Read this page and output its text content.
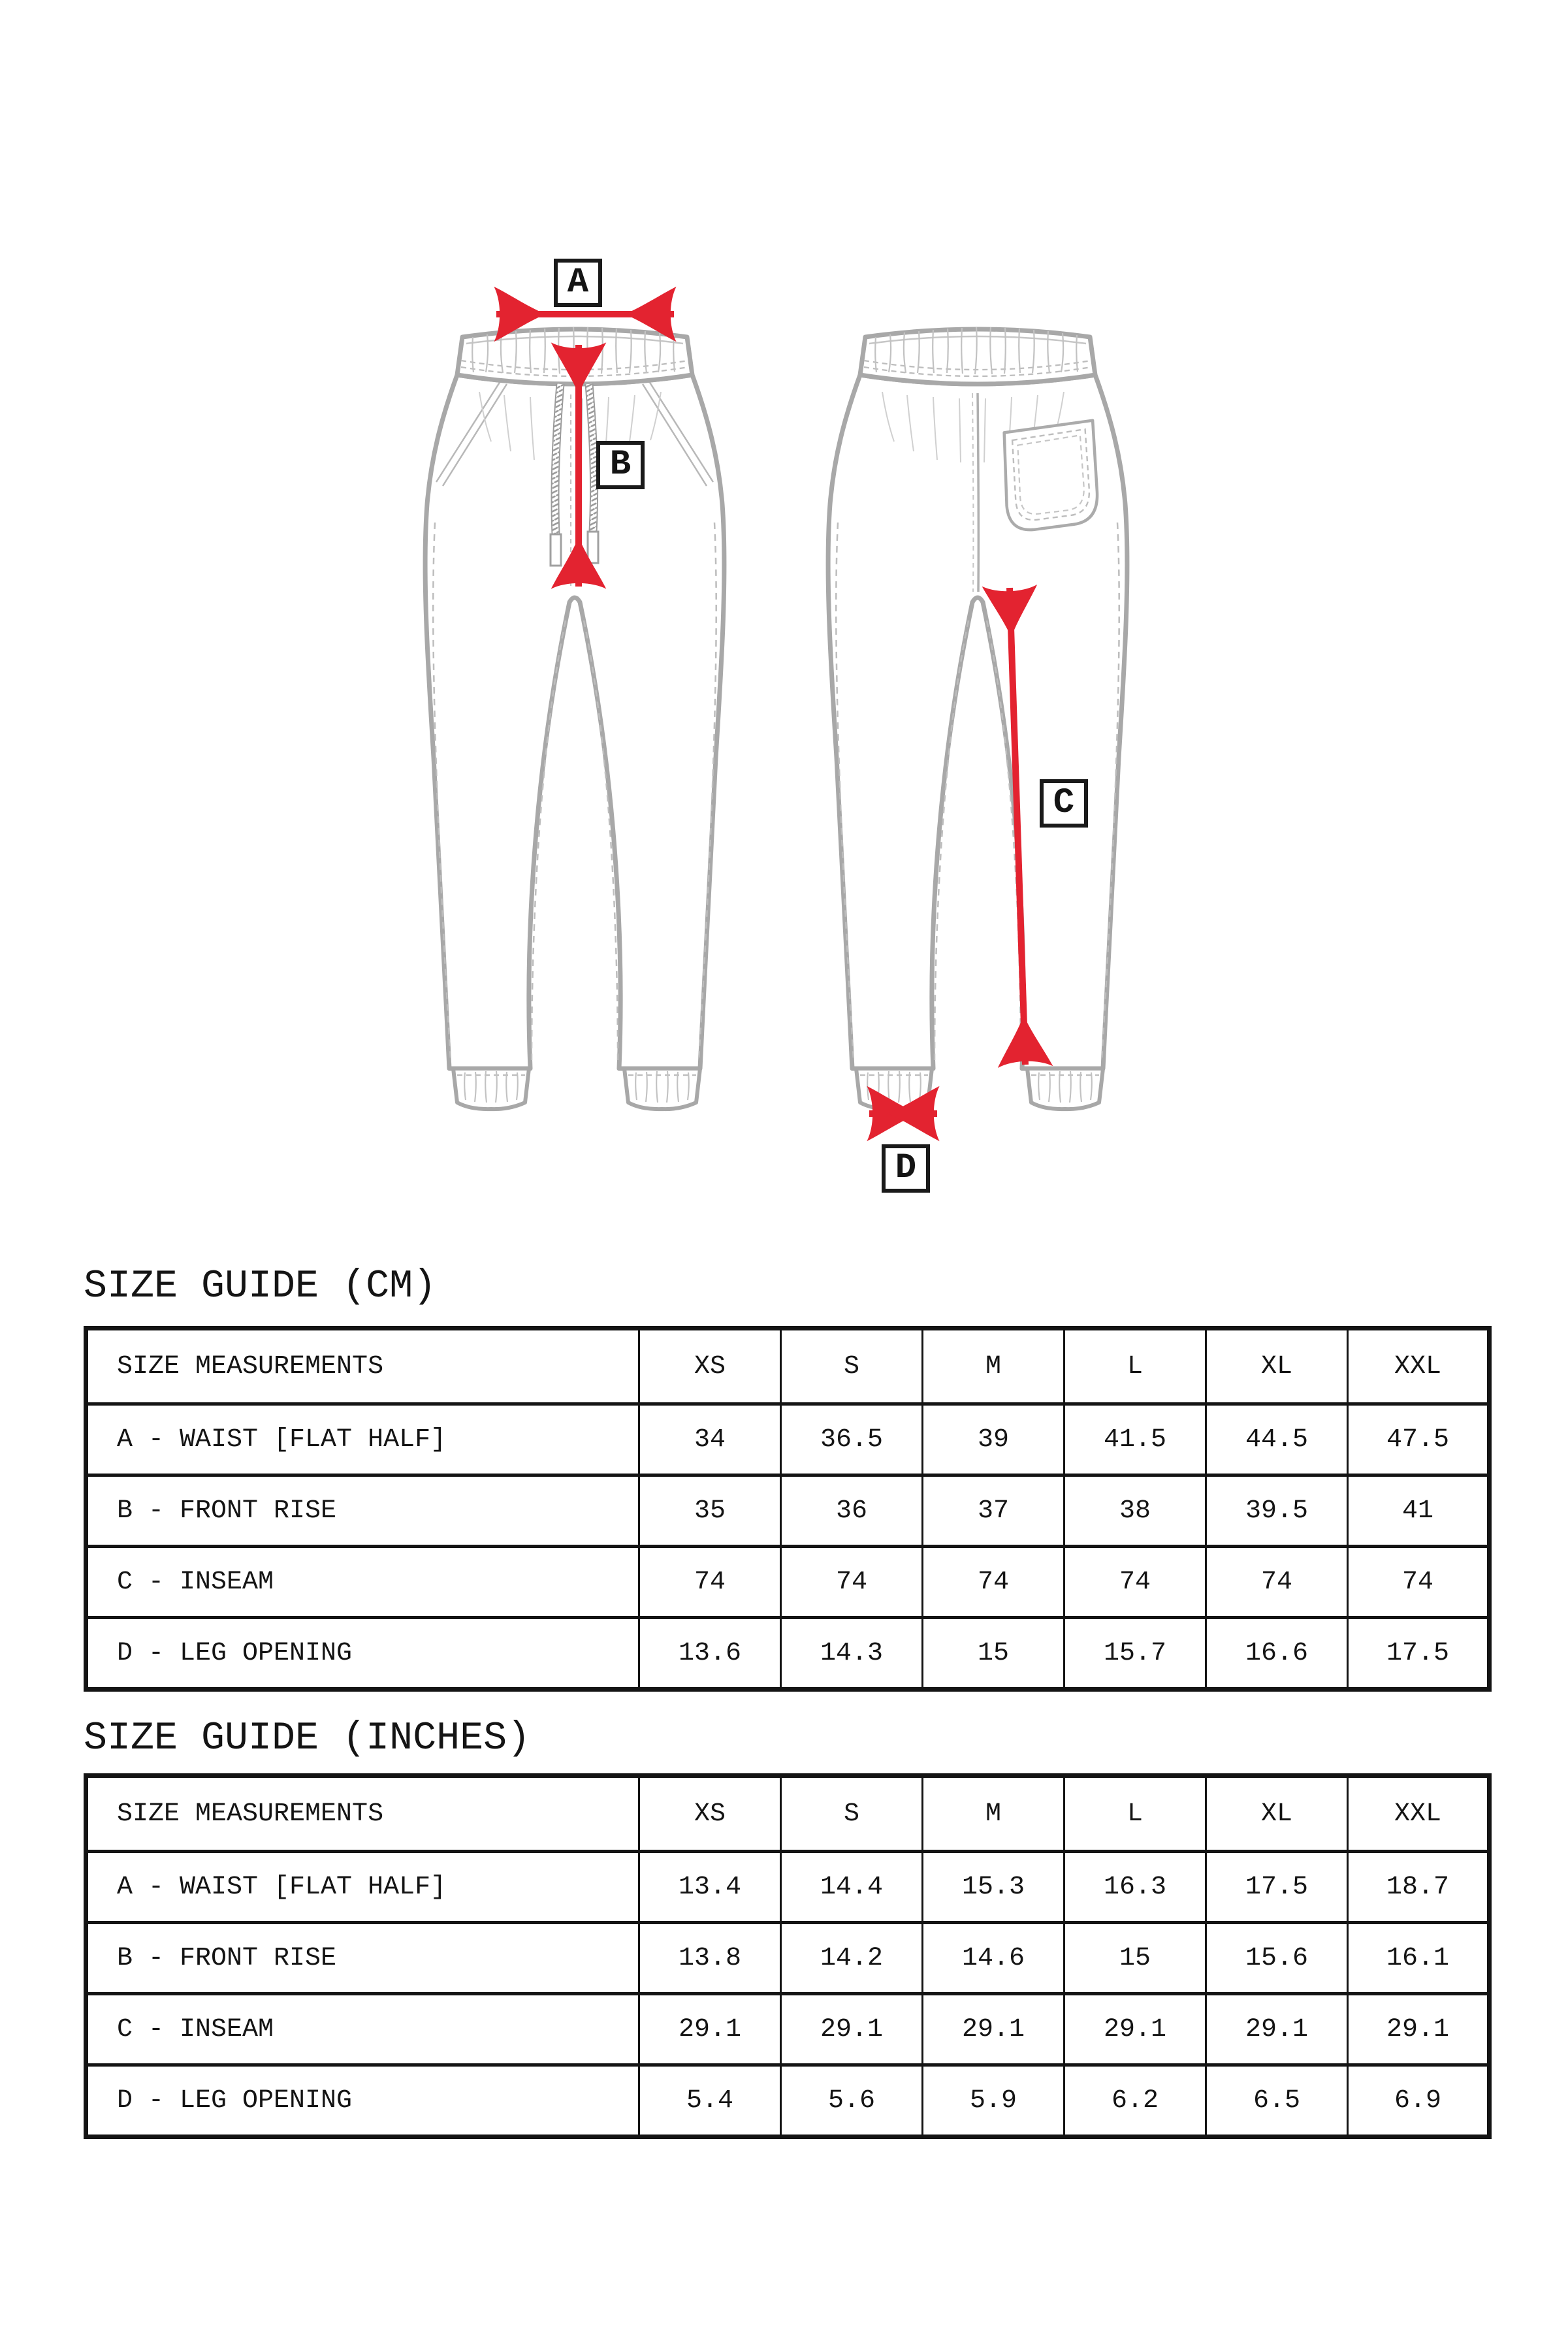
A
B
C
D
SIZE GUIDE (CM)
SIZE MEASUREMENTS	XS	S	M	L	XL	XXL
A - WAIST [FLAT HALF]	34	36.5	39	41.5	44.5	47.5
B - FRONT RISE	35	36	37	38	39.5	41
C - INSEAM	74	74	74	74	74	74
D - LEG OPENING	13.6	14.3	15	15.7	16.6	17.5
SIZE GUIDE (INCHES)
SIZE MEASUREMENTS	XS	S	M	L	XL	XXL
A - WAIST [FLAT HALF]	13.4	14.4	15.3	16.3	17.5	18.7
B - FRONT RISE	13.8	14.2	14.6	15	15.6	16.1
C - INSEAM	29.1	29.1	29.1	29.1	29.1	29.1
D - LEG OPENING	5.4	5.6	5.9	6.2	6.5	6.9
